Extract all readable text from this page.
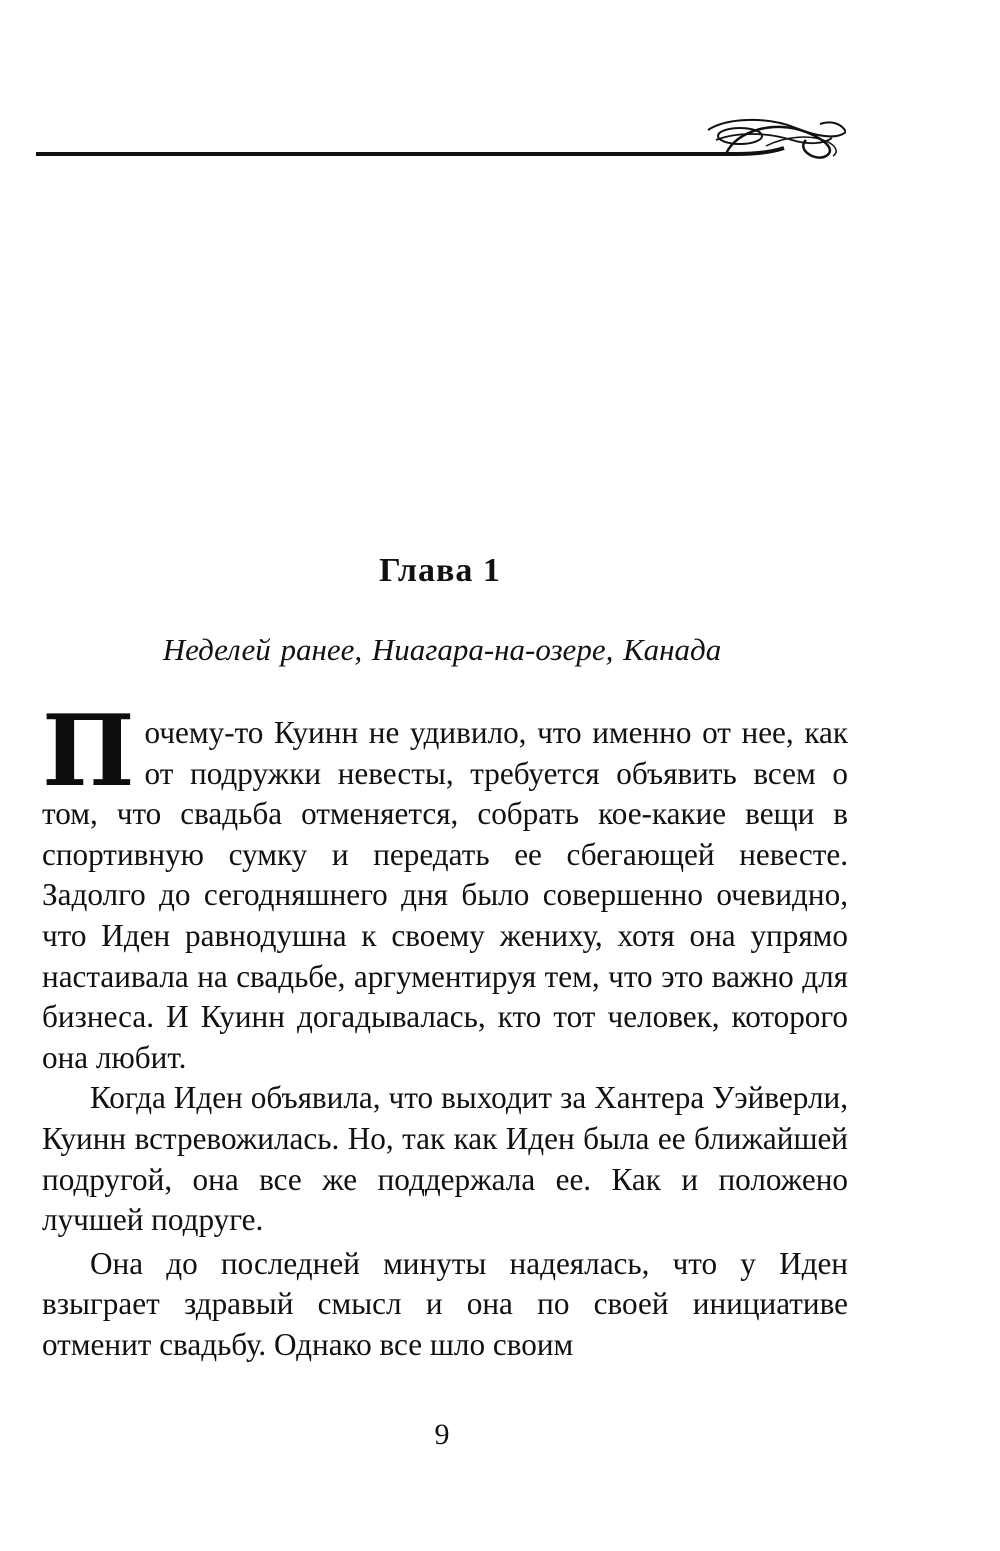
Глава 1
Неделей ранее, Ниагара-на-озере, Канада

Почему-то Куинн не удивило, что именно от нее, как от подружки невесты, требуется объявить всем о том, что свадьба отменяется, собрать кое-какие вещи в спортивную сумку и передать ее сбегающей невесте. Задолго до сегодняшнего дня было совершенно очевидно, что Иден равнодушна к своему жениху, хотя она упрямо настаивала на свадьбе, аргументируя тем, что это важно для бизнеса. И Куинн догадывалась, кто тот человек, которого она любит.

Когда Иден объявила, что выходит за Хантера Уэйверли, Куинн встревожилась. Но, так как Иден была ее ближайшей подругой, она все же поддержала ее. Как и положено лучшей подруге.

Она до последней минуты надеялась, что у Иден взыграет здравый смысл и она по своей инициативе отменит свадьбу. Однако все шло своим

9
